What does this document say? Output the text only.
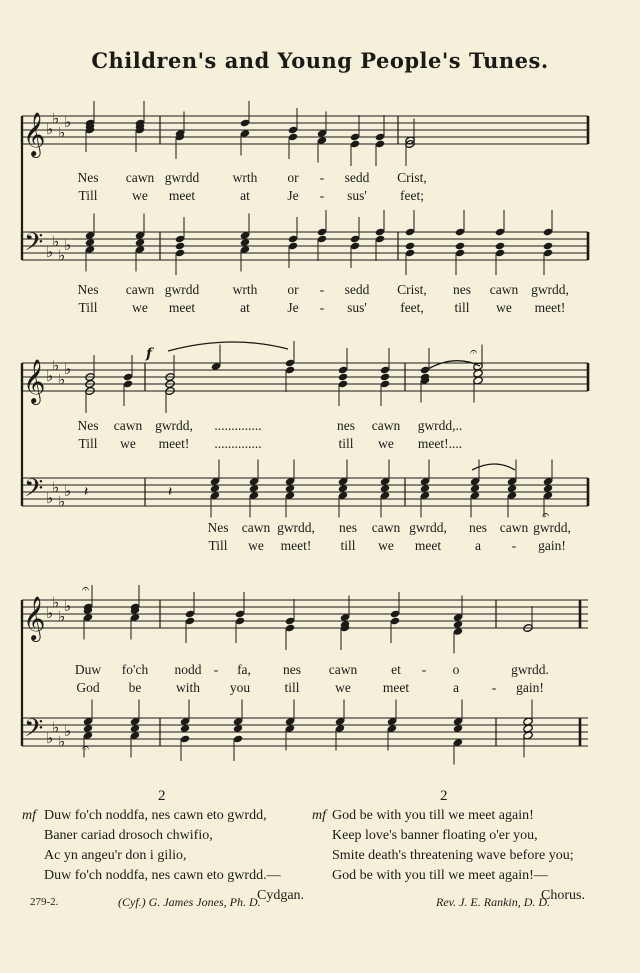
Children's and Young People's Tunes.
𝄞
𝄢
♭
♭
♭
♭
♭
♭
♭
♭
𝄞
𝄢
♭
♭
♭
♭
♭
♭
♭
♭
𝄞
𝄢
♭
♭
♭
♭
♭
♭
♭
♭
f	𝄐
𝄐
𝄐
𝄐
𝄽	𝄽
Nes cawn gwrdd wrth or - sedd Crist,
Till	we meet	at	Je - sus' feet;
Nes cawn gwrdd wrth or - sedd Crist, nes cawn gwrdd,
Till	we meet	at	Je - sus' feet, till we meet!
Nes cawn gwrdd, ..............	nes cawn gwrdd,..
Till we meet! ..............	till we meet!....
Nes cawn gwrdd, nes cawn gwrdd, nes cawn gwrdd,
Till we meet! till we meet	a - gain!
Duw fo'ch nodd - fa, nes cawn	et - o	gwrdd.
God be	with you	till	we meet	a - gain!
2	2
mf Duw fo'ch noddfa, nes cawn eto gwrdd,
Baner cariad drosoch chwifio,
Ac yn angeu'r don i gilio,
Duw fo'ch noddfa, nes cawn eto gwrdd.—
Cydgan.
mf God be with you till we meet again!
Keep love's banner floating o'er you,
Smite death's threatening wave before you;
God be with you till we meet again!—
Chorus.
279-2.	(Cyf.) G. James Jones, Ph. D.	Rev. J. E. Rankin, D. D.
